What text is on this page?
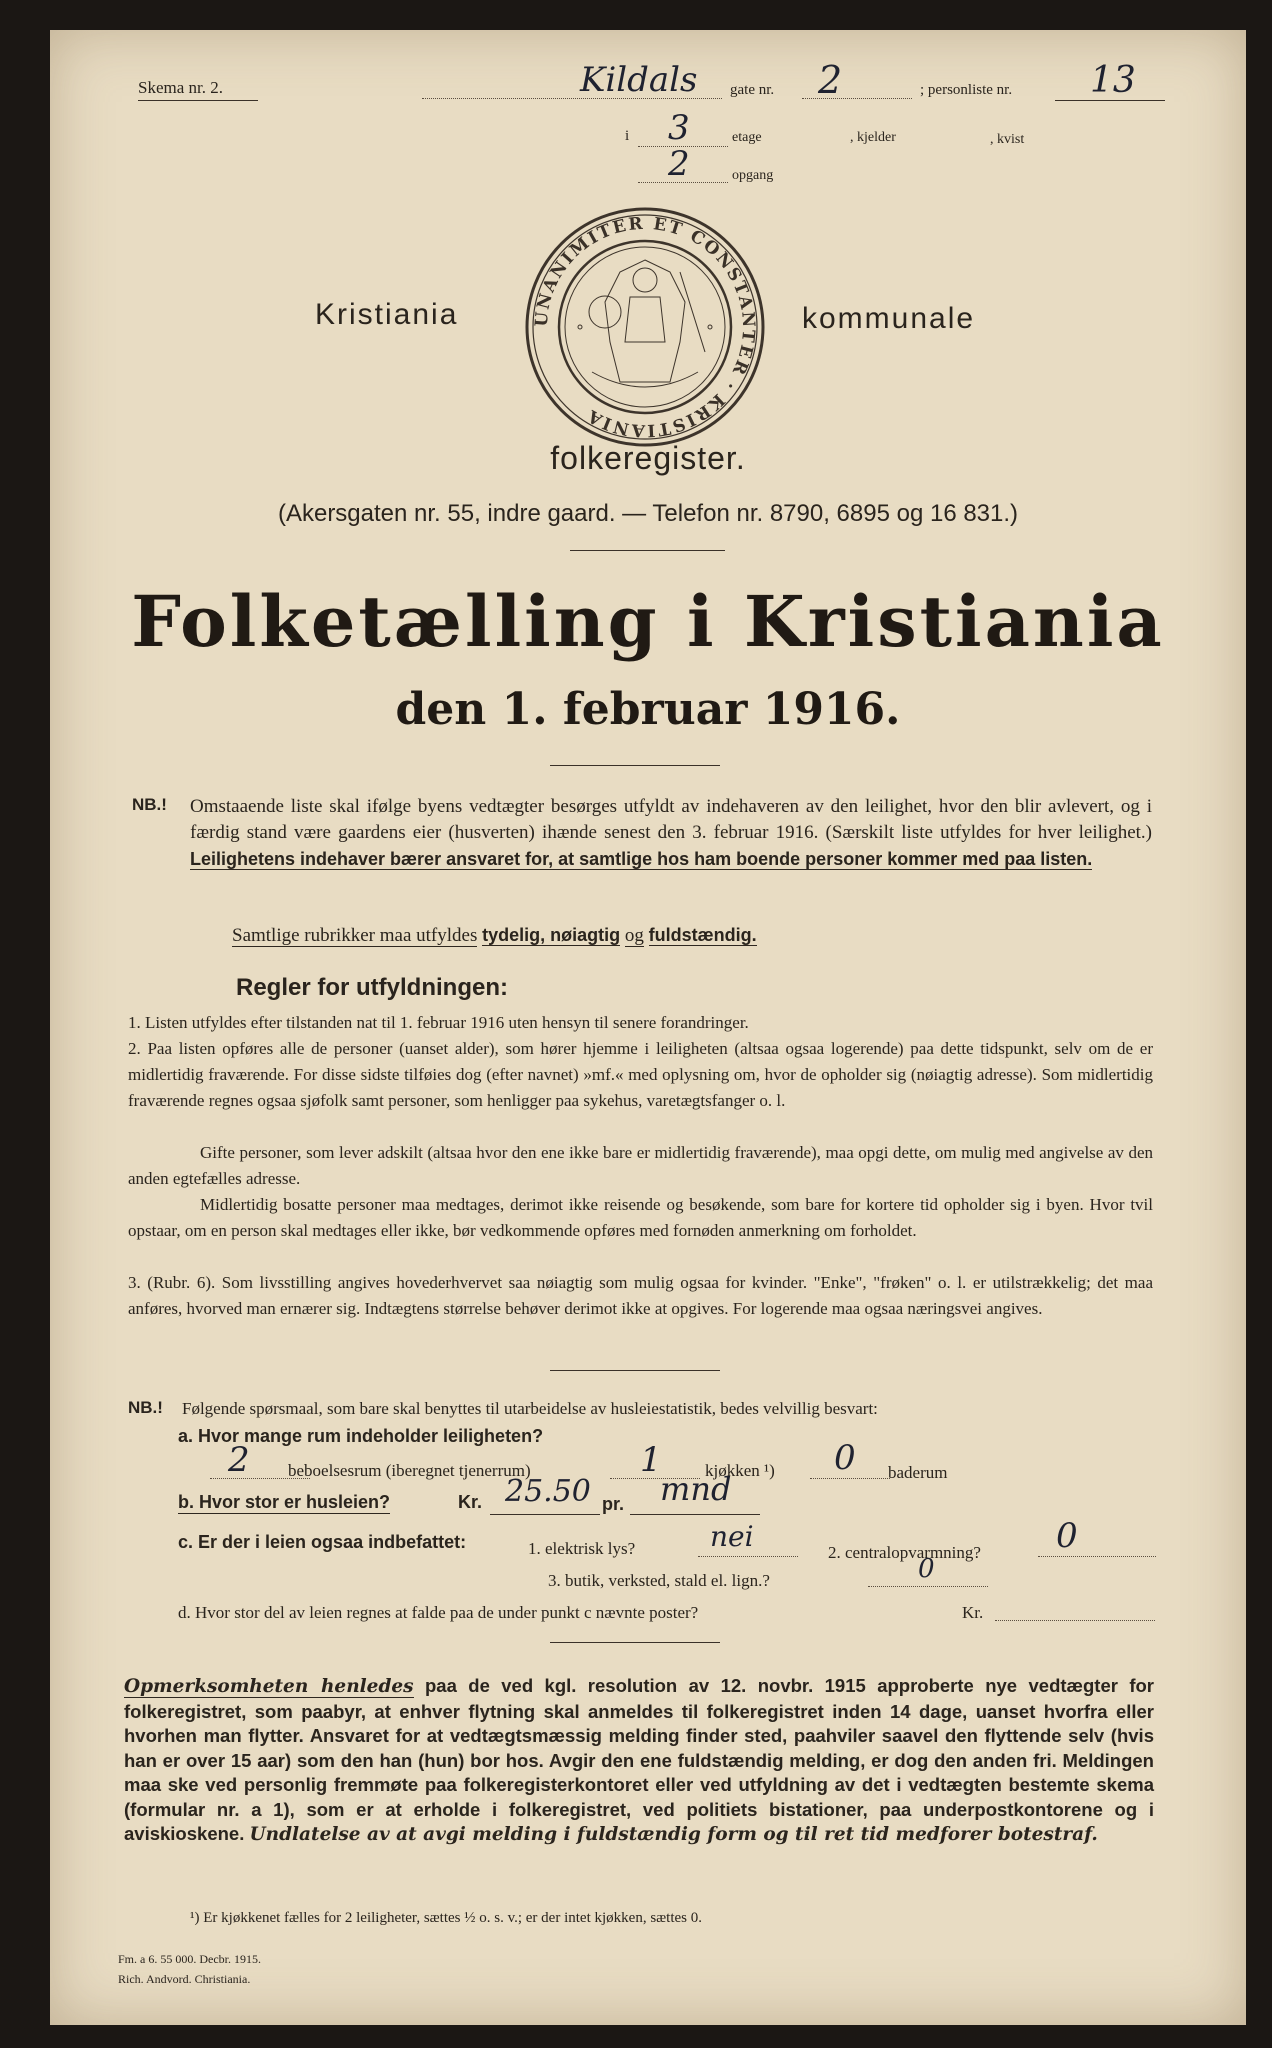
Skema nr. 2.	Kildals gate nr. 2	; personliste nr. 13
i 3	etage	, kjelder	, kvist
2	opgang
Kristiania	UNANIMITER ET CONSTANTER · KRISTIANIA
kommunale
folkeregister.
(Akersgaten nr. 55, indre gaard. — Telefon nr. 8790, 6895 og 16 831.)
Folketælling i Kristiania
den 1. februar 1916.
NB.! Omstaaende liste skal ifølge byens vedtægter besørges utfyldt av indehaveren av den leilighet, hvor den blir avlevert, og i færdig stand være gaardens eier (husverten) ihænde senest den 3. februar 1916. (Særskilt liste utfyldes for hver leilighet.) Leilighetens indehaver bærer ansvaret for, at samtlige hos ham boende personer kommer med paa listen.
Samtlige rubrikker maa utfyldes tydelig, nøiagtig og fuldstændig.
Regler for utfyldningen:
1. Listen utfyldes efter tilstanden nat til 1. februar 1916 uten hensyn til senere forandringer.
2. Paa listen opføres alle de personer (uanset alder), som hører hjemme i leiligheten (altsaa ogsaa logerende) paa dette tidspunkt, selv om de er midlertidig fraværende. For disse sidste tilføies dog (efter navnet) »mf.« med oplysning om, hvor de opholder sig (nøiagtig adresse). Som midlertidig fraværende regnes ogsaa sjøfolk samt personer, som henligger paa sykehus, varetægtsfanger o. l.
Gifte personer, som lever adskilt (altsaa hvor den ene ikke bare er midlertidig fraværende), maa opgi dette, om mulig med angivelse av den anden egtefælles adresse.
Midlertidig bosatte personer maa medtages, derimot ikke reisende og besøkende, som bare for kortere tid opholder sig i byen. Hvor tvil opstaar, om en person skal medtages eller ikke, bør vedkommende opføres med fornøden anmerkning om forholdet.
3. (Rubr. 6). Som livsstilling angives hovederhvervet saa nøiagtig som mulig ogsaa for kvinder. "Enke", "frøken" o. l. er utilstrækkelig; det maa anføres, hvorved man ernærer sig. Indtægtens størrelse behøver derimot ikke at opgives. For logerende maa ogsaa næringsvei angives.
NB.! Følgende spørsmaal, som bare skal benyttes til utarbeidelse av husleiestatistik, bedes velvillig besvart:
a. Hvor mange rum indeholder leiligheten?
2 beboelsesrum (iberegnet tjenerrum)	1	kjøkken ¹) 0 baderum
b. Hvor stor er husleien?	Kr. 25.50 pr. mnd
c. Er der i leien ogsaa indbefattet:	1. elektrisk lys?	nei	2. centralopvarmning? 0
3. butik, verksted, stald el. lign.?	0
d. Hvor stor del av leien regnes at falde paa de under punkt c nævnte poster?	Kr.
Opmerksomheten henledes paa de ved kgl. resolution av 12. novbr. 1915 approberte nye vedtægter for folkeregistret, som paabyr, at enhver flytning skal anmeldes til folkeregistret inden 14 dage, uanset hvorfra eller hvorhen man flytter. Ansvaret for at vedtægtsmæssig melding finder sted, paahviler saavel den flyttende selv (hvis han er over 15 aar) som den han (hun) bor hos. Avgir den ene fuldstændig melding, er dog den anden fri. Meldingen maa ske ved personlig fremmøte paa folkeregisterkontoret eller ved utfyldning av det i vedtægten bestemte skema (formular nr. a 1), som er at erholde i folkeregistret, ved politiets bistationer, paa underpostkontorene og i aviskioskene. Undlatelse av at avgi melding i fuldstændig form og til ret tid medforer botestraf.
¹) Er kjøkkenet fælles for 2 leiligheter, sættes ½ o. s. v.; er der intet kjøkken, sættes 0.
Fm. a 6. 55 000. Decbr. 1915.
Rich. Andvord. Christiania.
